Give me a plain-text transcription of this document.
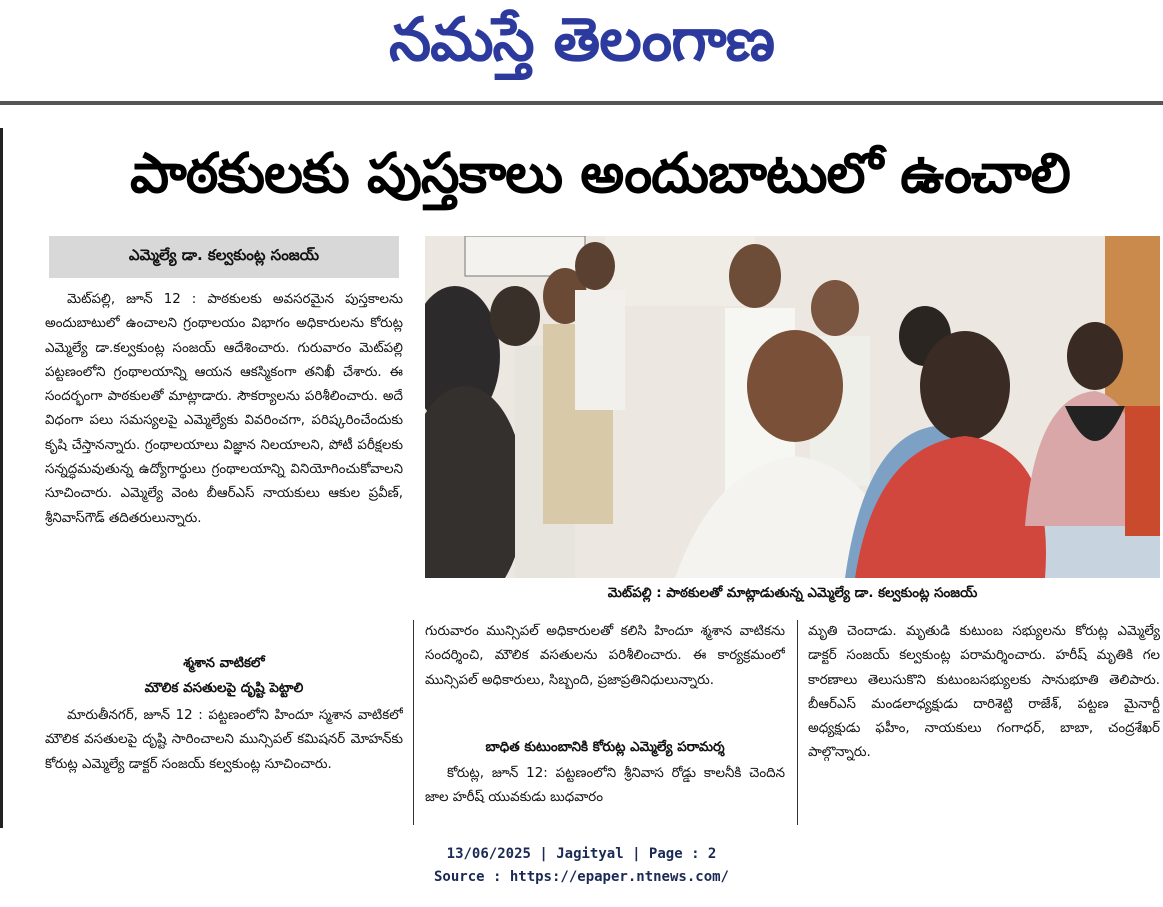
నమస్తే తెలంగాణ
పాఠకులకు పుస్తకాలు అందుబాటులో ఉంచాలి
ఎమ్మెల్యే డా. కల్వకుంట్ల సంజయ్

మెట్‌పల్లి, జూన్ 12 : పాఠకులకు అవసరమైన పుస్తకాలను అందుబాటులో ఉంచాలని గ్రంథాలయం విభాగం అధికారులను కోరుట్ల ఎమ్మెల్యే డా.కల్వకుంట్ల సంజయ్ ఆదేశించారు. గురువారం మెట్‌పల్లి పట్టణంలోని గ్రంథాలయాన్ని ఆయన ఆకస్మికంగా తనిఖీ చేశారు. ఈ సందర్భంగా పాఠకులతో మాట్లాడారు. సౌకర్యాలను పరిశీలించారు. అదే విధంగా పలు సమస్యలపై ఎమ్మెల్యేకు వివరించగా, పరిష్కరించేందుకు కృషి చేస్తానన్నారు. గ్రంథాలయాలు విజ్ఞాన నిలయాలని, పోటీ పరీక్షలకు సన్నద్ధమవుతున్న ఉద్యోగార్థులు గ్రంథాలయాన్ని వినియోగించుకోవాలని సూచించారు. ఎమ్మెల్యే వెంట బీఆర్‌ఎస్ నాయకులు ఆకుల ప్రవీణ్, శ్రీనివాస్‌గౌడ్ తదితరులున్నారు.

శ్మశాన వాటికలో
మౌలిక వసతులపై దృష్టి పెట్టాలి

మారుతీనగర్, జూన్ 12 : పట్టణంలోని హిందూ స్మశాన వాటికలో మౌలిక వసతులపై దృష్టి సారించాలని మున్సిపల్ కమిషనర్ మోహన్‌కు కోరుట్ల ఎమ్మెల్యే డాక్టర్ సంజయ్ కల్వకుంట్ల సూచించారు.

మెట్‌పల్లి : పాఠకులతో మాట్లాడుతున్న ఎమ్మెల్యే డా. కల్వకుంట్ల సంజయ్

గురువారం మున్సిపల్ అధికారులతో కలిసి హిందూ శ్మశాన వాటికను సందర్శించి, మౌలిక వసతులను పరిశీలించారు. ఈ కార్యక్రమంలో మున్సిపల్ అధికారులు, సిబ్బంది, ప్రజాప్రతినిధులున్నారు.

బాధిత కుటుంబానికి కోరుట్ల ఎమ్మెల్యే పరామర్శ

కోరుట్ల, జూన్ 12: పట్టణంలోని శ్రీనివాస రోడ్డు కాలనీకి చెందిన జాల హరీష్ యువకుడు బుధవారం

మృతి చెందాడు. మృతుడి కుటుంబ సభ్యులను కోరుట్ల ఎమ్మెల్యే డాక్టర్ సంజయ్ కల్వకుంట్ల పరామర్శించారు. హరీష్ మృతికి గల కారణాలు తెలుసుకొని కుటుంబసభ్యులకు సానుభూతి తెలిపారు. బీఆర్‌ఎస్ మండలాధ్యక్షుడు దారిశెట్టి రాజేశ్, పట్టణ మైనార్టీ అధ్యక్షుడు ఫహీం, నాయకులు గంగాధర్, బాబా, చంద్రశేఖర్ పాల్గొన్నారు.

13/06/2025 | Jagityal | Page : 2
Source : https://epaper.ntnews.com/
